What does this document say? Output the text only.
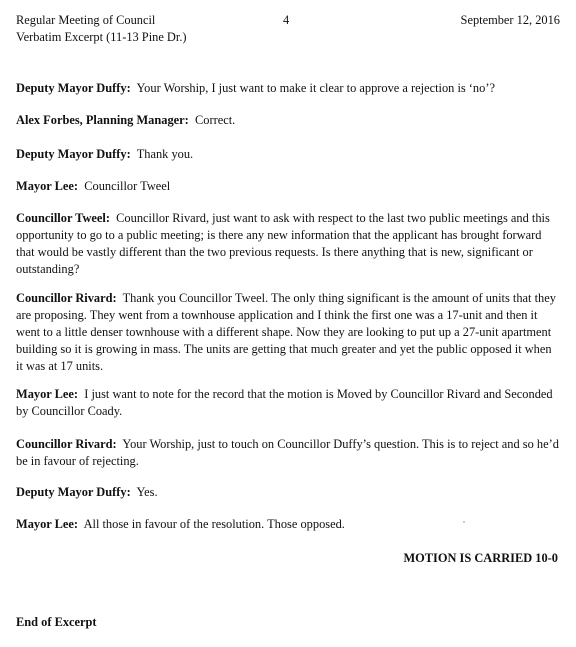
Regular Meeting of Council
Verbatim Excerpt (11-13 Pine Dr.)
4	September 12, 2016

Deputy Mayor Duffy: Your Worship, I just want to make it clear to approve a rejection is ‘no’?

Alex Forbes, Planning Manager: Correct.

Deputy Mayor Duffy: Thank you.

Mayor Lee: Councillor Tweel

Councillor Tweel: Councillor Rivard, just want to ask with respect to the last two public meetings and this opportunity to go to a public meeting; is there any new information that the applicant has brought forward that would be vastly different than the two previous requests. Is there anything that is new, significant or outstanding?

Councillor Rivard: Thank you Councillor Tweel. The only thing significant is the amount of units that they are proposing. They went from a townhouse application and I think the first one was a 17-unit and then it went to a little denser townhouse with a different shape. Now they are looking to put up a 27-unit apartment building so it is growing in mass. The units are getting that much greater and yet the public opposed it when it was at 17 units.

Mayor Lee: I just want to note for the record that the motion is Moved by Councillor Rivard and Seconded by Councillor Coady.

Councillor Rivard: Your Worship, just to touch on Councillor Duffy’s question. This is to reject and so he’d be in favour of rejecting.

Deputy Mayor Duffy: Yes.

Mayor Lee: All those in favour of the resolution. Those opposed.

MOTION IS CARRIED 10-0
End of Excerpt
